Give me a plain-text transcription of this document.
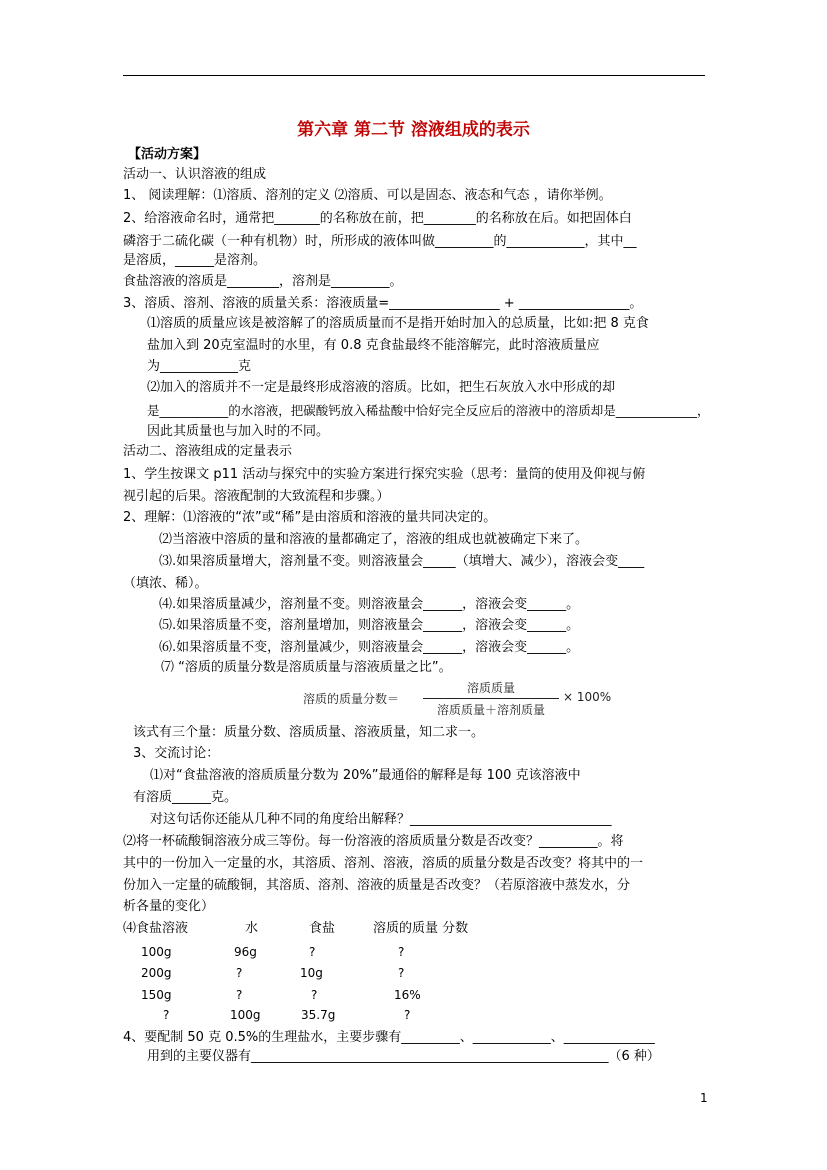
第六章 第二节 溶液组成的表示
【活动方案】
活动一、认识溶液的组成
1、 阅读理解：⑴溶质、溶剂的定义 ⑵溶质、可以是固态、液态和气态 ，请你举例。
2、给溶液命名时，通常把_______的名称放在前，把________的名称放在后。如把固体白
磷溶于二硫化碳（一种有机物）时，所形成的液体叫做_________的____________，其中__
是溶质，______是溶剂。
食盐溶液的溶质是________，溶剂是_________。
3、溶质、溶剂、溶液的质量关系：溶液质量=_________________ + _________________。
⑴溶质的质量应该是被溶解了的溶质质量而不是指开始时加入的总质量，比如:把 8 克食
盐加入到 20克室温时的水里，有 0.8 克食盐最终不能溶解完，此时溶液质量应
为____________克
⑵加入的溶质并不一定是最终形成溶液的溶质。比如，把生石灰放入水中形成的却
是___________的水溶液，把碳酸钙放入稀盐酸中恰好完全反应后的溶液中的溶质却是_____________，
因此其质量也与加入时的不同。
活动二、溶液组成的定量表示
1、学生按课文 p11 活动与探究中的实验方案进行探究实验（思考：量筒的使用及仰视与俯
视引起的后果。溶液配制的大致流程和步骤。）
2、理解：⑴溶液的“浓”或“稀”是由溶质和溶液的量共同决定的。
⑵当溶液中溶质的量和溶液的量都确定了，溶液的组成也就被确定下来了。
⑶.如果溶质量增大，溶剂量不变。则溶液量会_____（填增大、减少），溶液会变____
（填浓、稀）。
⑷.如果溶质量减少，溶剂量不变。则溶液量会______，溶液会变______。
⑸.如果溶质量不变，溶剂量增加，则溶液量会______，溶液会变______。
⑹.如果溶质量不变，溶剂量减少，则溶液量会______，溶液会变______。
⑺ “溶质的质量分数是溶质质量与溶液质量之比”。
溶质的质量分数＝
溶质质量
溶质质量＋溶剂质量
× 100%
该式有三个量：质量分数、溶质质量、溶液质量，知二求一。
3、交流讨论：
⑴对“食盐溶液的溶质质量分数为 20%”最通俗的解释是每 100 克该溶液中
有溶质______克。
对这句话你还能从几种不同的角度给出解释？_______________________________
⑵将一杯硫酸铜溶液分成三等份。每一份溶液的溶质质量分数是否改变？_________。将
其中的一份加入一定量的水，其溶质、溶剂、溶液，溶质的质量分数是否改变？将其中的一
份加入一定量的硫酸铜，其溶质、溶剂、溶液的质量是否改变？（若原溶液中蒸发水，分
析各量的变化）
⑷食盐溶液	水	食盐	溶质的质量 分数
100g	96g	?	?
200g	?	10g	?
150g	?	?	16%
?	100g	35.7g	?
4、要配制 50 克 0.5%的生理盐水，主要步骤有_________、____________、______________
用到的主要仪器有_______________________________________________________（6 种）
1
